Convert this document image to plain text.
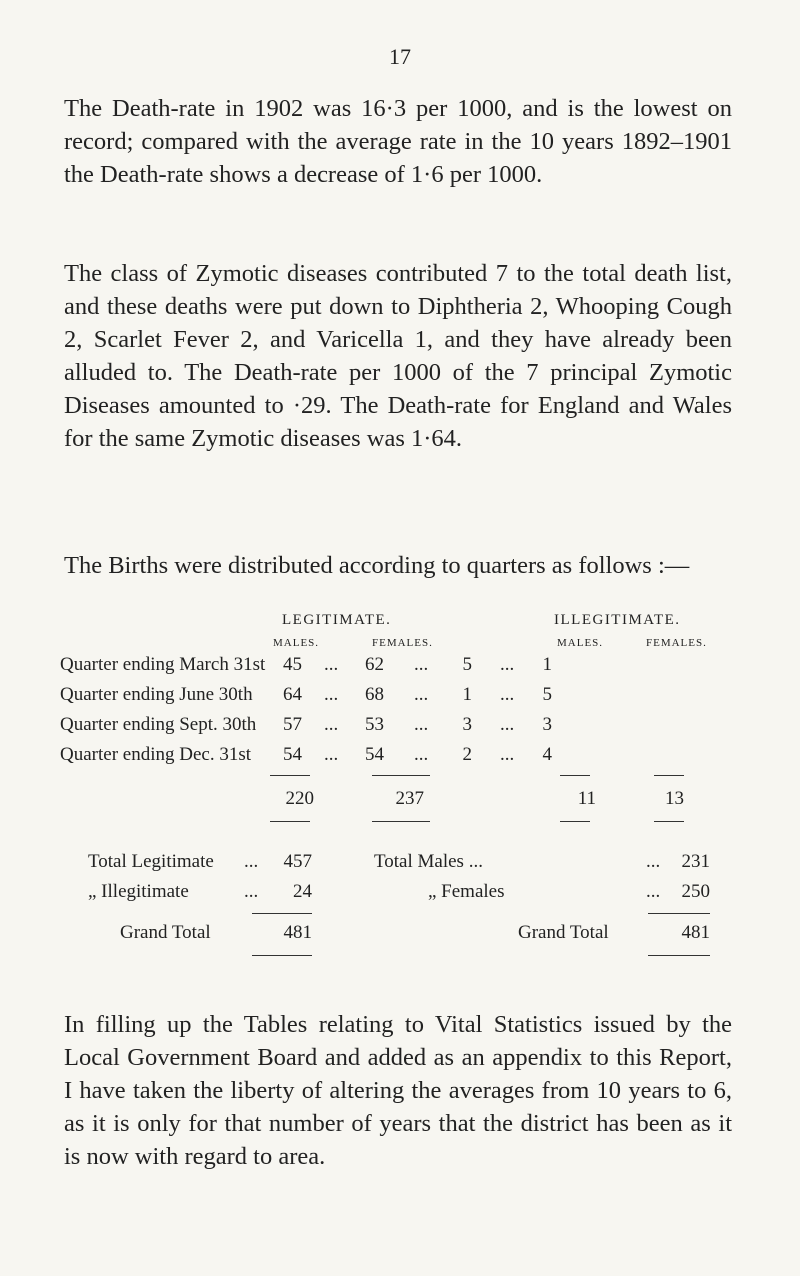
17

The Death-rate in 1902 was 16·3 per 1000, and is the lowest on record; compared with the average rate in the 10 years 1892–1901 the Death-rate shows a decrease of 1·6 per 1000.

The class of Zymotic diseases contributed 7 to the total death list, and these deaths were put down to Diphtheria 2, Whooping Cough 2, Scarlet Fever 2, and Varicella 1, and they have already been alluded to. The Death-rate per 1000 of the 7 principal Zymotic Diseases amounted to ·29. The Death-rate for England and Wales for the same Zymotic diseases was 1·64.

The Births were distributed according to quarters as follows :—

LEGITIMATE.	ILLEGITIMATE.
MALES.	FEMALES.	MALES.	FEMALES.
Quarter ending March 31st 45 ...	62 ...	5 ...	1
Quarter ending June 30th	64 ...	68 ...	1 ...	5
Quarter ending Sept. 30th	57 ...	53 ...	3 ...	3
Quarter ending Dec. 31st	54 ...	54 ...	2 ...	4
220	237	11	13
Total Legitimate ...	457
„ Illegitimate	...	24
Grand Total	481
Total Males ...	...	231
„ Females	...	250
Grand Total	481

In filling up the Tables relating to Vital Statistics issued by the Local Government Board and added as an appendix to this Report, I have taken the liberty of altering the averages from 10 years to 6, as it is only for that number of years that the district has been as it is now with regard to area.
